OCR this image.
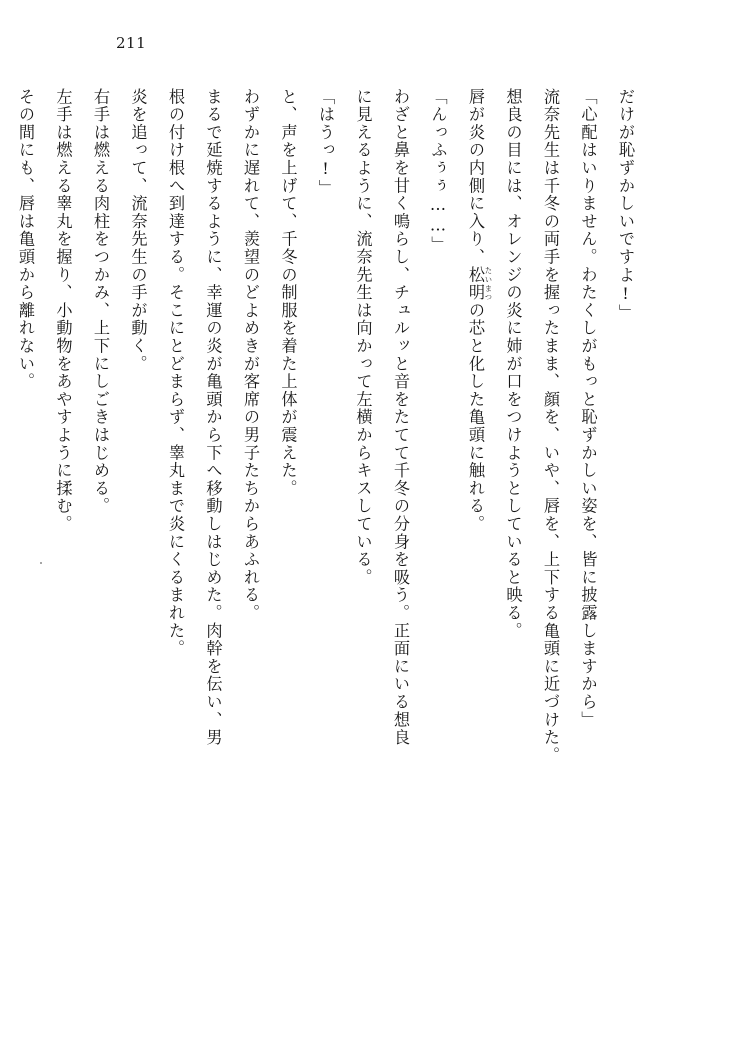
211

だけが恥ずかしいですよ!」

「心配はいりません。わたくしがもっと恥ずかしい姿を、皆に披露しますから」

流奈先生は千冬の両手を握ったまま、顔を、いや、唇を、上下する亀頭に近づけた。

想良の目には、オレンジの炎に姉が口をつけようとしていると映る。

唇が炎の内側に入り、松明 たいまつの芯と化した亀頭に触れる。

「んっふぅぅ……」

わざと鼻を甘く鳴らし、チュルッと音をたてて千冬の分身を吸う。正面にいる想良

に見えるように、流奈先生は向かって左横からキスしている。

「はうっ!」

と、声を上げて、千冬の制服を着た上体が震えた。

わずかに遅れて、羨望のどよめきが客席の男子たちからあふれる。

まるで延焼するように、幸運の炎が亀頭から下へ移動しはじめた。肉幹を伝い、男

根の付け根へ到達する。そこにとどまらず、睾丸まで炎にくるまれた。

炎を追って、流奈先生の手が動く。

右手は燃える肉柱をつかみ、上下にしごきはじめる。

左手は燃える睾丸を握り、小動物をあやすように揉む。

その間にも、唇は亀頭から離れない。
